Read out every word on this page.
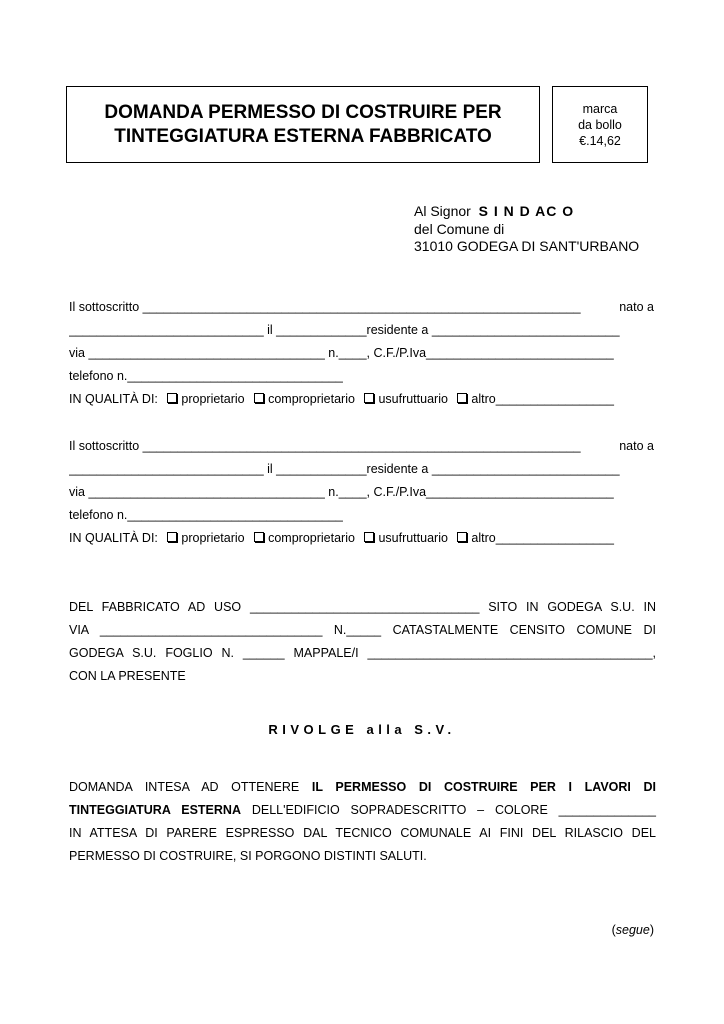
DOMANDA PERMESSO DI COSTRUIRE PER
TINTEGGIATURA ESTERNA FABBRICATO
marca
da bollo
€.14,62
Al Signor S I N D AC O
del Comune di
31010 GODEGA DI SANT'URBANO

Il sottoscritto _______________________________________________________________	nato a

____________________________ il _____________residente a ___________________________

via __________________________________ n.____, C.F./P.Iva___________________________

telefono n._______________________________

IN QUALITÀ DI: proprietario comproprietario usufruttuario altro_________________

Il sottoscritto _______________________________________________________________	nato a

____________________________ il _____________residente a ___________________________

via __________________________________ n.____, C.F./P.Iva___________________________

telefono n._______________________________

IN QUALITÀ DI: proprietario comproprietario usufruttuario altro_________________

DEL FABBRICATO AD USO _________________________________ SITO IN GODEGA S.U. IN

VIA ________________________________ N._____ CATASTALMENTE CENSITO COMUNE DI

GODEGA S.U. FOGLIO N. ______ MAPPALE/I _________________________________________,

CON LA PRESENTE

RIVOLGE alla S.V.

DOMANDA INTESA AD OTTENERE IL PERMESSO DI COSTRUIRE PER I LAVORI DI

TINTEGGIATURA ESTERNA DELL'EDIFICIO SOPRADESCRITTO – COLORE ______________

IN ATTESA DI PARERE ESPRESSO DAL TECNICO COMUNALE AI FINI DEL RILASCIO DEL

PERMESSO DI COSTRUIRE, SI PORGONO DISTINTI SALUTI.

(segue)
